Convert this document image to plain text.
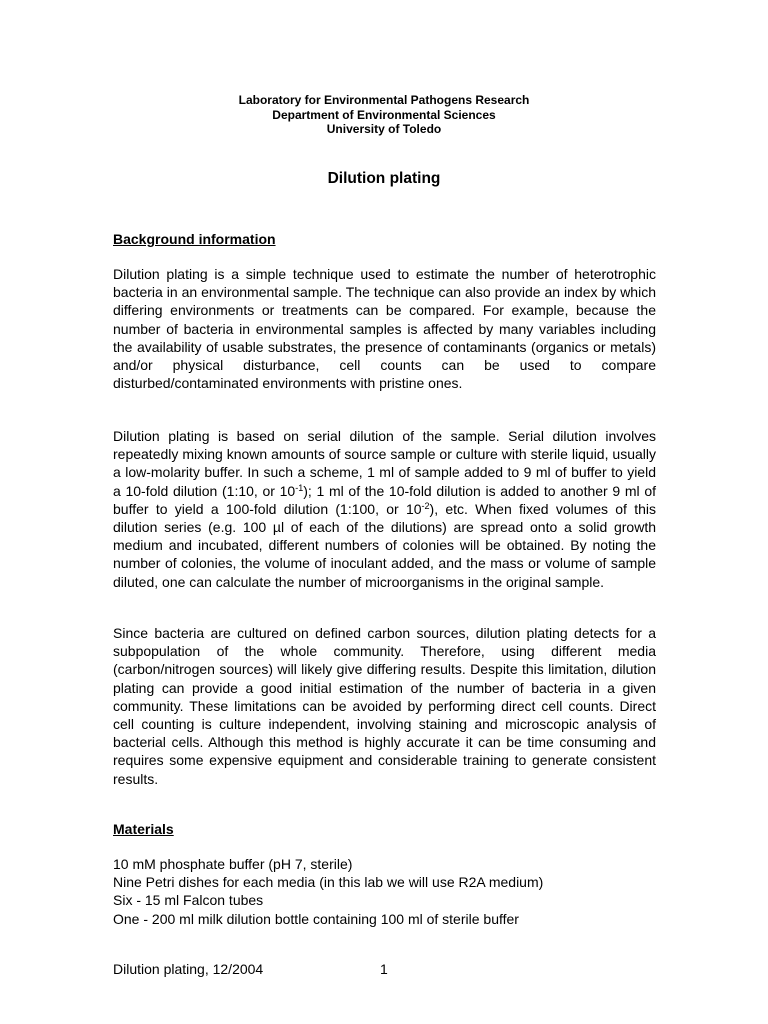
Laboratory for Environmental Pathogens Research
Department of Environmental Sciences
University of Toledo
Dilution plating
Background information
Dilution plating is a simple technique used to estimate the number of heterotrophic bacteria in an environmental sample. The technique can also provide an index by which differing environments or treatments can be compared. For example, because the number of bacteria in environmental samples is affected by many variables including the availability of usable substrates, the presence of contaminants (organics or metals) and/or physical disturbance, cell counts can be used to compare disturbed/contaminated environments with pristine ones.
Dilution plating is based on serial dilution of the sample. Serial dilution involves repeatedly mixing known amounts of source sample or culture with sterile liquid, usually a low-molarity buffer. In such a scheme, 1 ml of sample added to 9 ml of buffer to yield a 10-fold dilution (1:10, or $10^{-1}$); 1 ml of the 10-fold dilution is added to another 9 ml of buffer to yield a 100-fold dilution (1:100, or $10^{-2}$), etc. When fixed volumes of this dilution series (e.g. 100 µl of each of the dilutions) are spread onto a solid growth medium and incubated, different numbers of colonies will be obtained. By noting the number of colonies, the volume of inoculant added, and the mass or volume of sample diluted, one can calculate the number of microorganisms in the original sample.
Since bacteria are cultured on defined carbon sources, dilution plating detects for a subpopulation of the whole community. Therefore, using different media (carbon/nitrogen sources) will likely give differing results. Despite this limitation, dilution plating can provide a good initial estimation of the number of bacteria in a given community. These limitations can be avoided by performing direct cell counts. Direct cell counting is culture independent, involving staining and microscopic analysis of bacterial cells. Although this method is highly accurate it can be time consuming and requires some expensive equipment and considerable training to generate consistent results.
Materials
10 mM phosphate buffer (pH 7, sterile)
Nine Petri dishes for each media (in this lab we will use R2A medium)
Six - 15 ml Falcon tubes
One - 200 ml milk dilution bottle containing 100 ml of sterile buffer
Dilution plating, 12/2004	1
